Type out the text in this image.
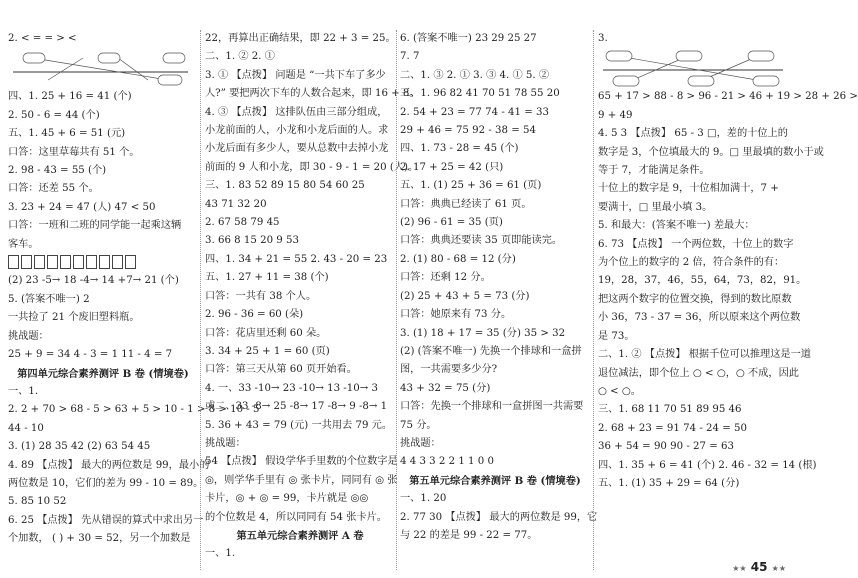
2. < = = > <
四、1. 25 + 16 = 41 (个)
2. 50 - 6 = 44 (个)
五、1. 45 + 6 = 51 (元)
口答：这里草莓共有 51 个。
2. 98 - 43 = 55 (个)
口答：还差 55 个。
3. 23 + 24 = 47 (人) 47 < 50
口答：一班和二班的同学能一起乘这辆
客车。
(2) 23 -5→ 18 -4→ 14 +7→ 21 (个)
5. (答案不唯一) 2
一共捡了 21 个废旧塑料瓶。
挑战题：
25 + 9 = 34 4 - 3 = 1 11 - 4 = 7
第四单元综合素养测评 B 卷 (情境卷)
一、1.
2. 2 + 70 > 68 - 5 > 63 + 5 > 10 - 1 > 8 > 10 - 5
44 - 10
3. (1) 28 35 42 (2) 63 54 45
4. 89 【点拨】 最大的两位数是 99，最小的
两位数是 10，它们的差为 99 - 10 = 89。
5. 85 10 52
6. 25 【点拨】 先从错误的算式中求出另一
个加数， ( ) + 30 = 52，另一个加数是
22，再算出正确结果，即 22 + 3 = 25。
二、1. ② 2. ①
3. ① 【点拨】 问题是 “一共下车了多少
人?” 要把两次下车的人数合起来，即 16 + 8。
4. ③ 【点拨】 这排队伍由三部分组成，
小龙前面的人，小龙和小龙后面的人。求
小龙后面有多少人，要从总数中去掉小龙
前面的 9 人和小龙，即 30 - 9 - 1 = 20 (人)。
三、1. 83 52 89 15 80 54 60 25
43 71 32 20
2. 67 58 79 45
3. 66 8 15 20 9 53
四、1. 34 + 21 = 55 2. 43 - 20 = 23
五、1. 27 + 11 = 38 (个)
口答：一共有 38 个人。
2. 96 - 36 = 60 (朵)
口答：花店里还剩 60 朵。
3. 34 + 25 + 1 = 60 (页)
口答：第三天从第 60 页开始看。
4. 一、33 -10→ 23 -10→ 13 -10→ 3
或二、33 -8→ 25 -8→ 17 -8→ 9 -8→ 1
5. 36 + 43 = 79 (元) 一共用去 79 元。
挑战题：
54 【点拨】 假设学华手里数的个位数字是
◎，则学华手里有 ◎ 张卡片，同同有 ◎ 张
卡片，◎ + ◎ = 99，卡片就是 ◎◎
的个位数是 4，所以同同有 54 张卡片。
第五单元综合素养测评 A 卷
一、1.
6. (答案不唯一) 23 29 25 27
7. 7
二、1. ③ 2. ① 3. ③ 4. ① 5. ②
三、1. 96 82 41 70 51 78 55 20
2. 54 + 23 = 77 74 - 41 = 33
29 + 46 = 75 92 - 38 = 54
四、1. 73 - 28 = 45 (个)
2. 17 + 25 = 42 (只)
五、1. (1) 25 + 36 = 61 (页)
口答：典典已经读了 61 页。
(2) 96 - 61 = 35 (页)
口答：典典还要读 35 页即能读完。
2. (1) 80 - 68 = 12 (分)
口答：还剩 12 分。
(2) 25 + 43 + 5 = 73 (分)
口答：她原来有 73 分。
3. (1) 18 + 17 = 35 (分) 35 > 32
(2) (答案不唯一) 先换一个排球和一盒拼
图，一共需要多少分?
43 + 32 = 75 (分)
口答：先换一个排球和一盒拼图一共需要
75 分。
挑战题：
4 4 3 3 2 2 1 1 0 0
第五单元综合素养测评 B 卷 (情境卷)
一、1. 20
2. 77 30 【点拨】 最大的两位数是 99，它
与 22 的差是 99 - 22 = 77。
3.
65 + 17 > 88 - 8 > 96 - 21 > 46 + 19 > 28 + 26 >
9 + 49
4. 5 3 【点拨】 65 - 3 □，差的十位上的
数字是 3，个位填最大的 9。□ 里最填的数小于或
等于 7，才能满足条件。
十位上的数字是 9，十位相加满十，7 +
要满十，□ 里最小填 3。
5. 和最大：(答案不唯一) 差最大：
6. 73 【点拨】 一个两位数，十位上的数字
为个位上的数字的 2 倍，符合条件的有：
19，28，37，46，55，64，73，82，91。
把这两个数字的位置交换，得到的数比原数
小 36，73 - 37 = 36，所以原来这个两位数
是 73。
二、1. ② 【点拨】 根据千位可以推理这是一道
退位减法，即个位上 ○ < ○，○ 不成，因此
○ < ○。
三、1. 68 11 70 51 89 95 46
2. 68 + 23 = 91 74 - 24 = 50
36 + 54 = 90 90 - 27 = 63
四、1. 35 + 6 = 41 (个) 2. 46 - 32 = 14 (根)
五、1. (1) 35 + 29 = 64 (分)
★★ 45 ★★
